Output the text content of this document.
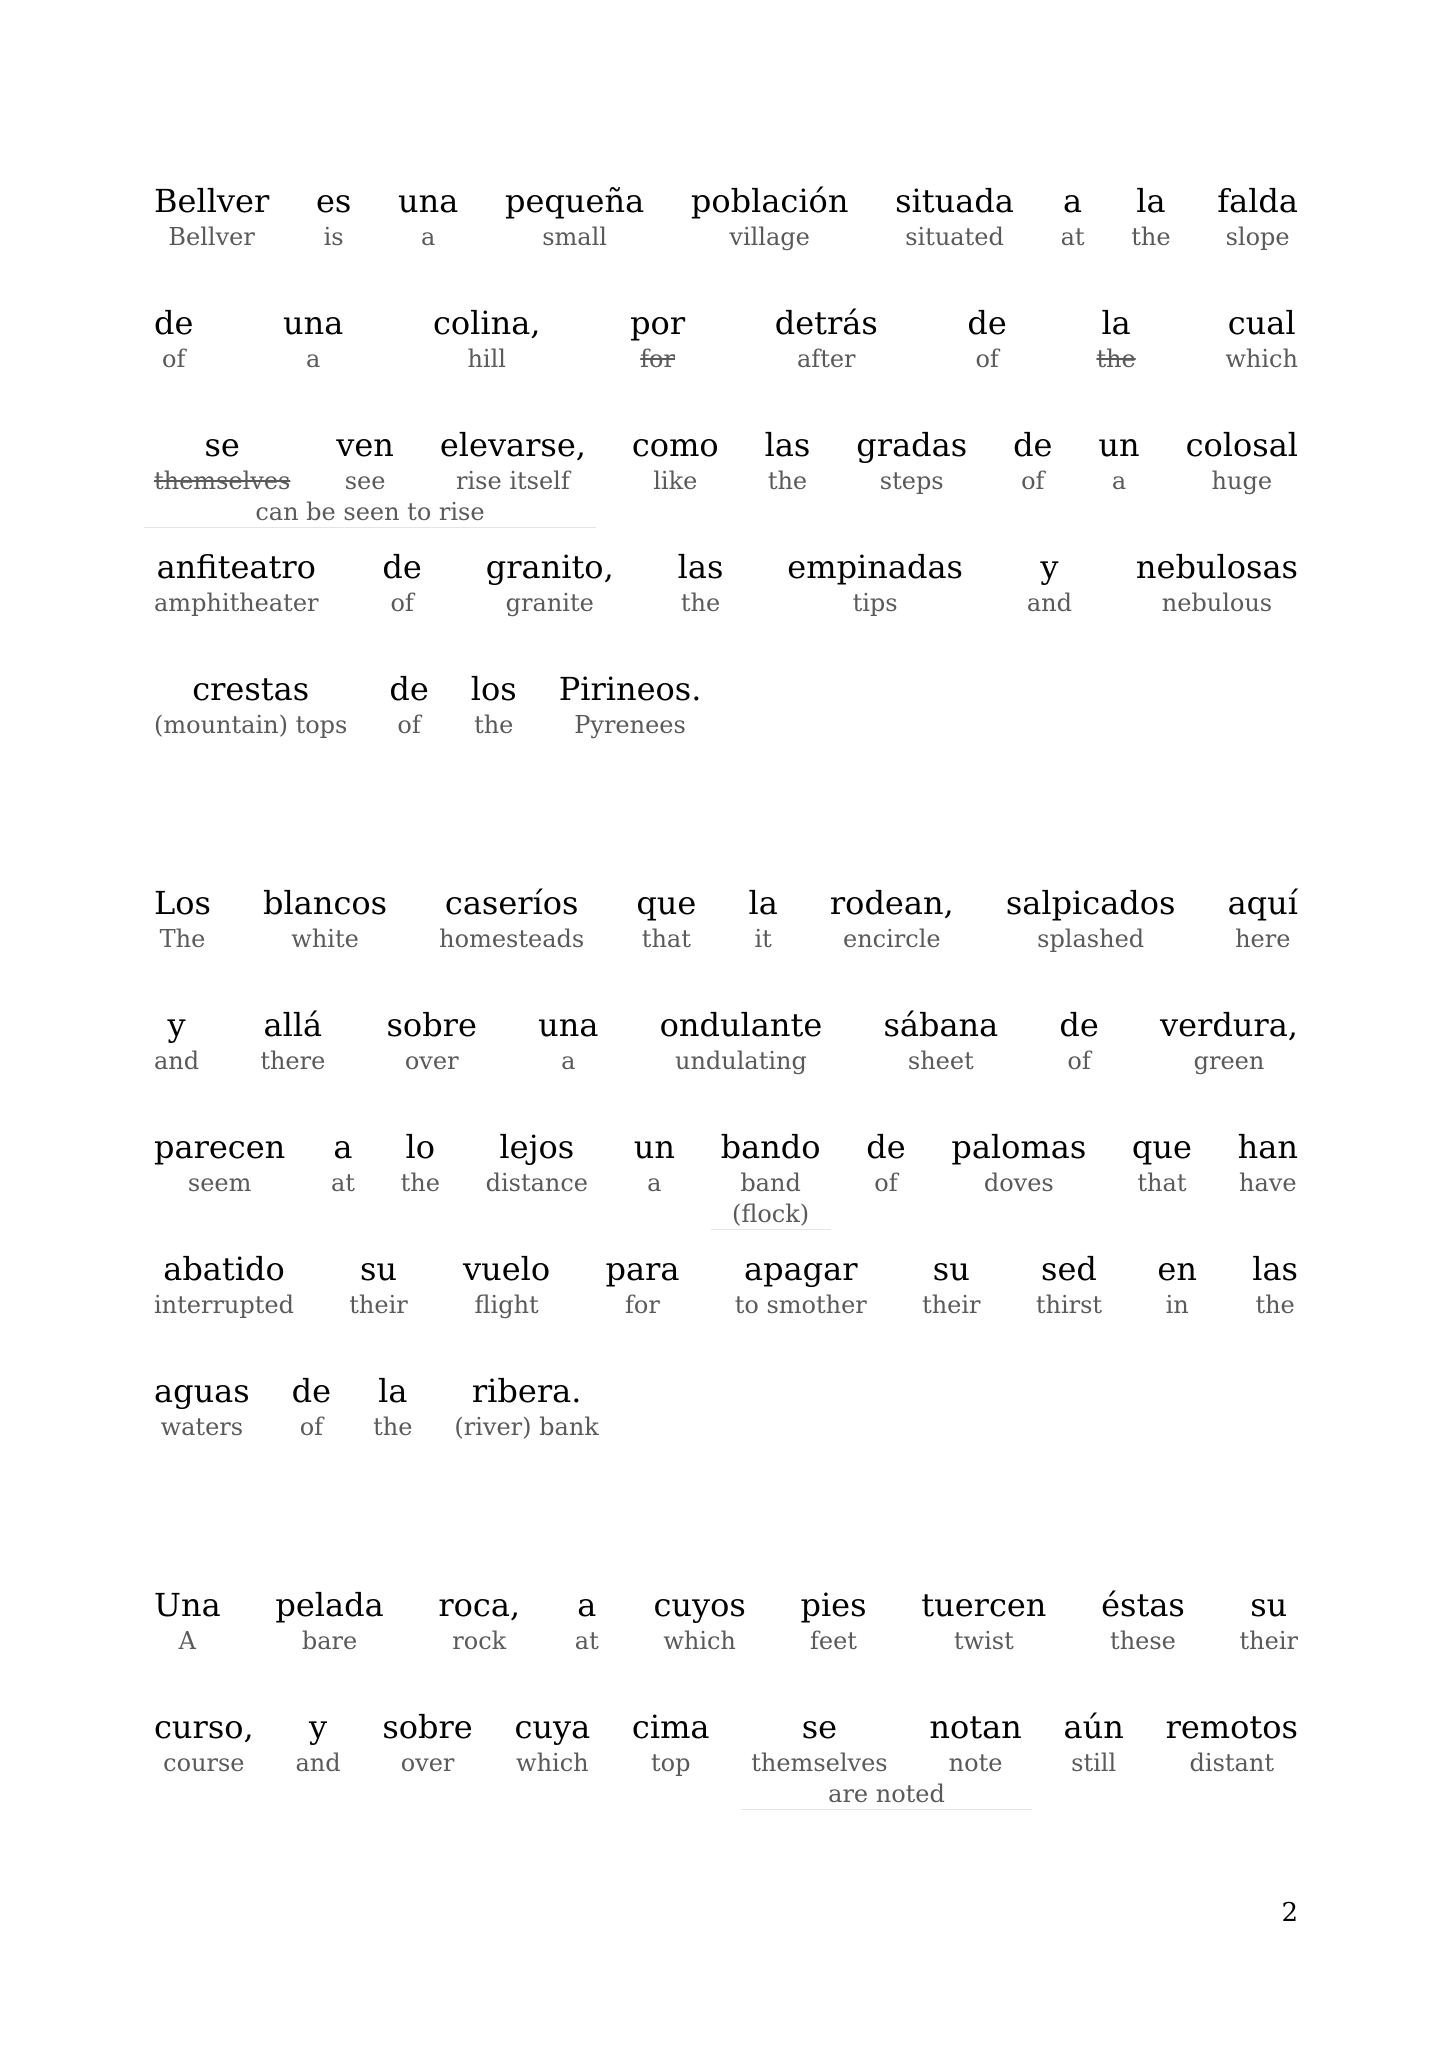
Bellver
Bellver
es
is
una
a
pequeña
small
población
village
situada
situated
a
at
la
the
falda
slope
de
of
una
a
colina,
hill
por
for
detrás
after
de
of
la
the
cual
which
se
themselves
ven
see
elevarse,
rise itself
como
like
las
the
gradas
steps
de
of
un
a
colosal
huge
can be seen to rise
anfiteatro
amphitheater
de
of
granito,
granite
las
the
empinadas
tips
y
and
nebulosas
nebulous
crestas
(mountain) tops
de
of
los
the
Pirineos.
Pyrenees
Los
The
blancos
white
caseríos
homesteads
que
that
la
it
rodean,
encircle
salpicados
splashed
aquí
here
y
and
allá
there
sobre
over
una
a
ondulante
undulating
sábana
sheet
de
of
verdura,
green
parecen
seem
a
at
lo
the
lejos
distance
un
a
bando
band
de
of
palomas
doves
que
that
han
have
(flock)
abatido
interrupted
su
their
vuelo
flight
para
for
apagar
to smother
su
their
sed
thirst
en
in
las
the
aguas
waters
de
of
la
the
ribera.
(river) bank
Una
A
pelada
bare
roca,
rock
a
at
cuyos
which
pies
feet
tuercen
twist
éstas
these
su
their
curso,
course
y
and
sobre
over
cuya
which
cima
top
se
themselves
notan
note
aún
still
remotos
distant
are noted
2
